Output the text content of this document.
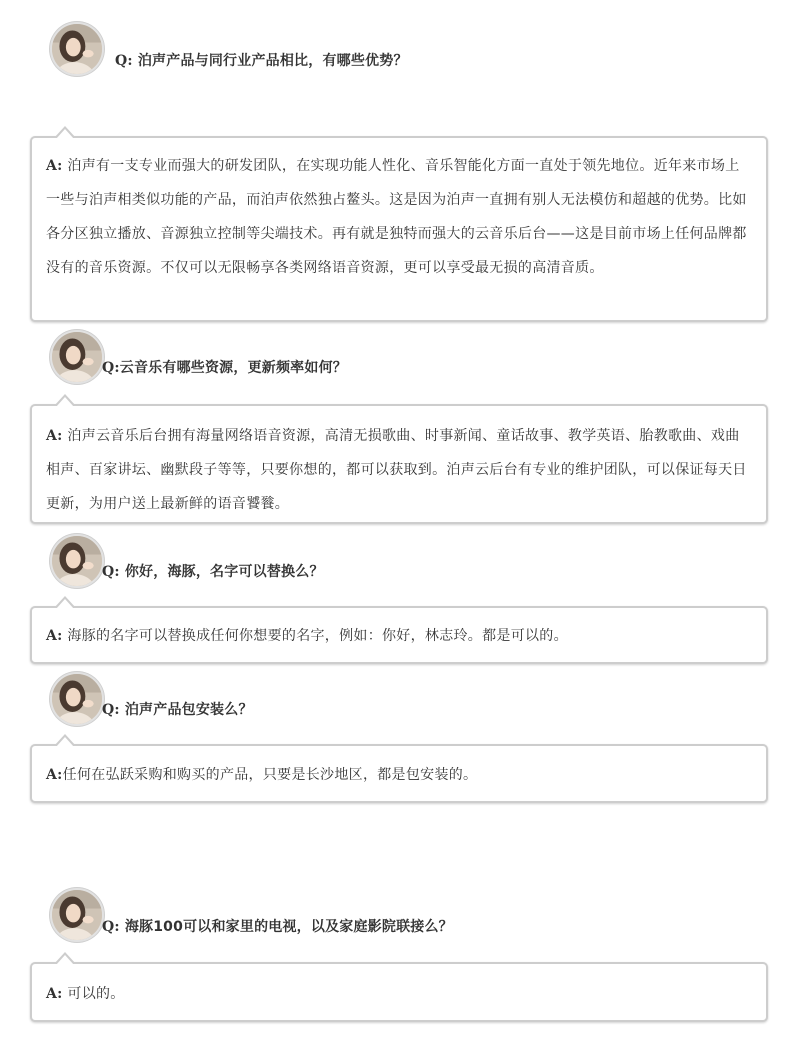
Q: 泊声产品与同行业产品相比，有哪些优势？
A: 泊声有一支专业而强大的研发团队，在实现功能人性化、音乐智能化方面一直处于领先地位。近年来市场上一些与泊声相类似功能的产品，而泊声依然独占鳌头。这是因为泊声一直拥有别人无法模仿和超越的优势。比如各分区独立播放、音源独立控制等尖端技术。再有就是独特而强大的云音乐后台——这是目前市场上任何品牌都没有的音乐资源。不仅可以无限畅享各类网络语音资源，更可以享受最无损的高清音质。
Q:云音乐有哪些资源，更新频率如何？
A: 泊声云音乐后台拥有海量网络语音资源，高清无损歌曲、时事新闻、童话故事、教学英语、胎教歌曲、戏曲相声、百家讲坛、幽默段子等等，只要你想的，都可以获取到。泊声云后台有专业的维护团队，可以保证每天日更新，为用户送上最新鲜的语音饕餮。
Q: 你好，海豚，名字可以替换么？
A: 海豚的名字可以替换成任何你想要的名字，例如：你好，林志玲。都是可以的。
Q: 泊声产品包安装么？
A:任何在弘跃采购和购买的产品，只要是长沙地区，都是包安装的。
Q: 海豚100可以和家里的电视，以及家庭影院联接么？
A: 可以的。
